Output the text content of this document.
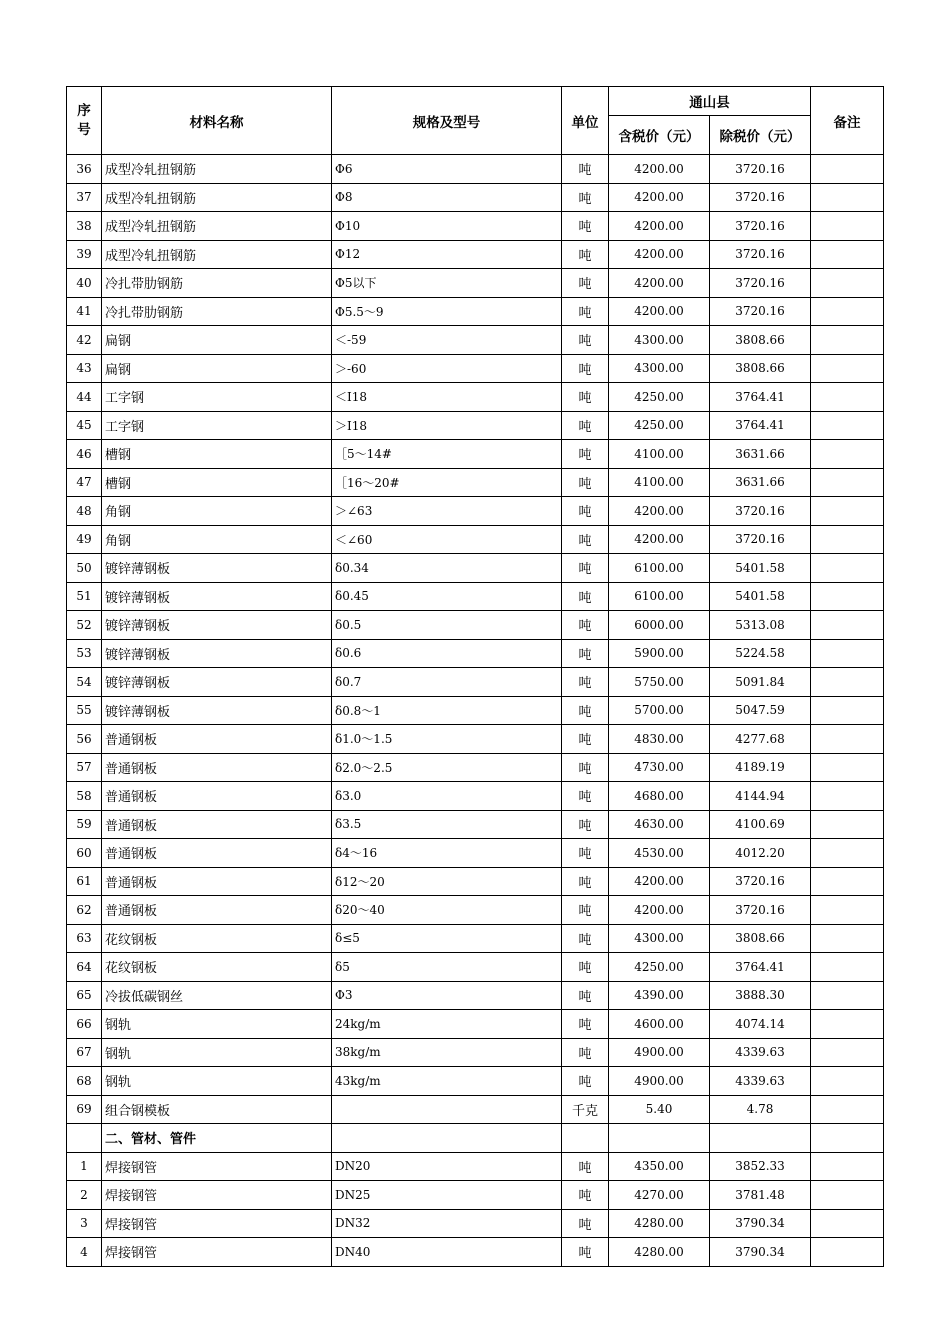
序
号	材料名称	规格及型号	单位	通山县		备注
				含税价（元）	除税价（元）	
36	成型冷轧扭钢筋	Φ6	吨	4200.00	3720.16	
37	成型冷轧扭钢筋	Φ8	吨	4200.00	3720.16	
38	成型冷轧扭钢筋	Φ10	吨	4200.00	3720.16	
39	成型冷轧扭钢筋	Φ12	吨	4200.00	3720.16	
40	冷扎带肋钢筋	Φ5以下	吨	4200.00	3720.16	
41	冷扎带肋钢筋	Φ5.5～9	吨	4200.00	3720.16	
42	扁钢	＜-59	吨	4300.00	3808.66	
43	扁钢	＞-60	吨	4300.00	3808.66	
44	工字钢	＜Ⅰ18	吨	4250.00	3764.41	
45	工字钢	＞Ⅰ18	吨	4250.00	3764.41	
46	槽钢	［5～14#	吨	4100.00	3631.66	
47	槽钢	［16～20#	吨	4100.00	3631.66	
48	角钢	＞∠63	吨	4200.00	3720.16	
49	角钢	＜∠60	吨	4200.00	3720.16	
50	镀锌薄钢板	δ0.34	吨	6100.00	5401.58	
51	镀锌薄钢板	δ0.45	吨	6100.00	5401.58	
52	镀锌薄钢板	δ0.5	吨	6000.00	5313.08	
53	镀锌薄钢板	δ0.6	吨	5900.00	5224.58	
54	镀锌薄钢板	δ0.7	吨	5750.00	5091.84	
55	镀锌薄钢板	δ0.8～1	吨	5700.00	5047.59	
56	普通钢板	δ1.0～1.5	吨	4830.00	4277.68	
57	普通钢板	δ2.0～2.5	吨	4730.00	4189.19	
58	普通钢板	δ3.0	吨	4680.00	4144.94	
59	普通钢板	δ3.5	吨	4630.00	4100.69	
60	普通钢板	δ4～16	吨	4530.00	4012.20	
61	普通钢板	δ12～20	吨	4200.00	3720.16	
62	普通钢板	δ20～40	吨	4200.00	3720.16	
63	花纹钢板	δ≤5	吨	4300.00	3808.66	
64	花纹钢板	δ5	吨	4250.00	3764.41	
65	冷拔低碳钢丝	Φ3	吨	4390.00	3888.30	
66	钢轨	24kg/m	吨	4600.00	4074.14	
67	钢轨	38kg/m	吨	4900.00	4339.63	
68	钢轨	43kg/m	吨	4900.00	4339.63	
69	组合钢模板		千克	5.40	4.78	
	二、管材、管件					
1	焊接钢管	DN20	吨	4350.00	3852.33	
2	焊接钢管	DN25	吨	4270.00	3781.48	
3	焊接钢管	DN32	吨	4280.00	3790.34	
4	焊接钢管	DN40	吨	4280.00	3790.34	
